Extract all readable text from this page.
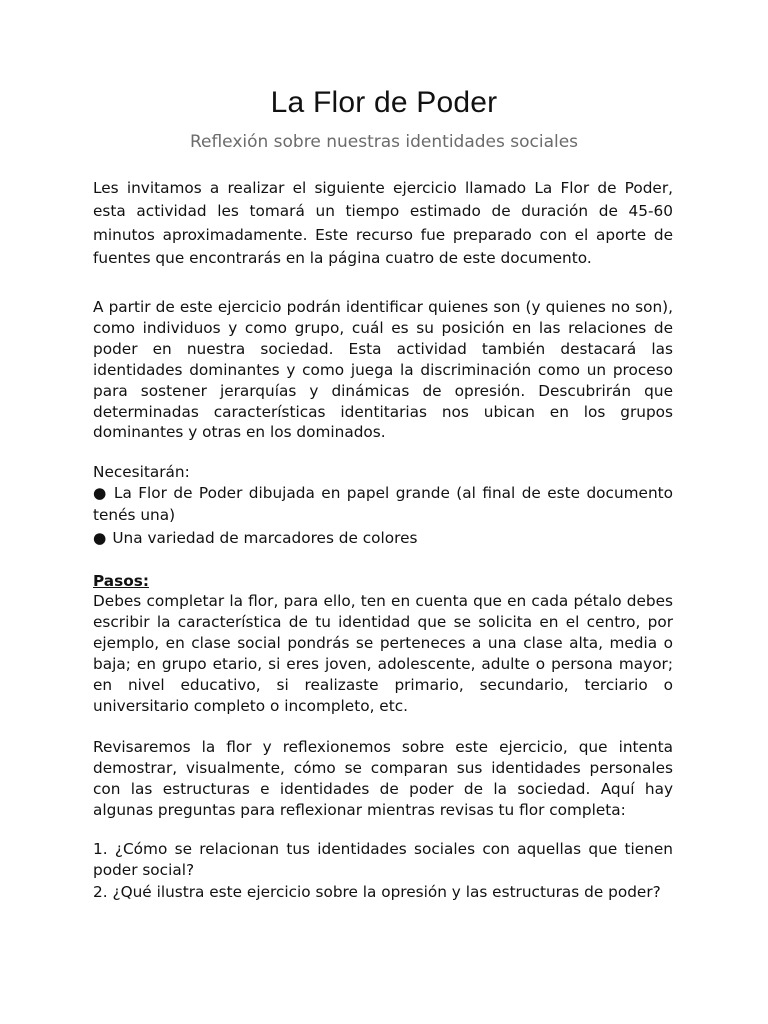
La Flor de Poder
Reflexión sobre nuestras identidades sociales

Les invitamos a realizar el siguiente ejercicio llamado La Flor de Poder, esta actividad les tomará un tiempo estimado de duración de 45-60 minutos aproximadamente. Este recurso fue preparado con el aporte de fuentes que encontrarás en la página cuatro de este documento.

A partir de este ejercicio podrán identificar quienes son (y quienes no son), como individuos y como grupo, cuál es su posición en las relaciones de poder en nuestra sociedad. Esta actividad también destacará las identidades dominantes y como juega la discriminación como un proceso para sostener jerarquías y dinámicas de opresión. Descubrirán que determinadas características identitarias nos ubican en los grupos dominantes y otras en los dominados.

Necesitarán:

● La Flor de Poder dibujada en papel grande (al final de este documento tenés una)

● Una variedad de marcadores de colores

Pasos:

Debes completar la flor, para ello, ten en cuenta que en cada pétalo debes escribir la característica de tu identidad que se solicita en el centro, por ejemplo, en clase social pondrás se perteneces a una clase alta, media o baja; en grupo etario, si eres joven, adolescente, adulte o persona mayor; en nivel educativo, si realizaste primario, secundario, terciario o universitario completo o incompleto, etc.

Revisaremos la flor y reflexionemos sobre este ejercicio, que intenta demostrar, visualmente, cómo se comparan sus identidades personales con las estructuras e identidades de poder de la sociedad. Aquí hay algunas preguntas para reflexionar mientras revisas tu flor completa:

1. ¿Cómo se relacionan tus identidades sociales con aquellas que tienen poder social?

2. ¿Qué ilustra este ejercicio sobre la opresión y las estructuras de poder?
